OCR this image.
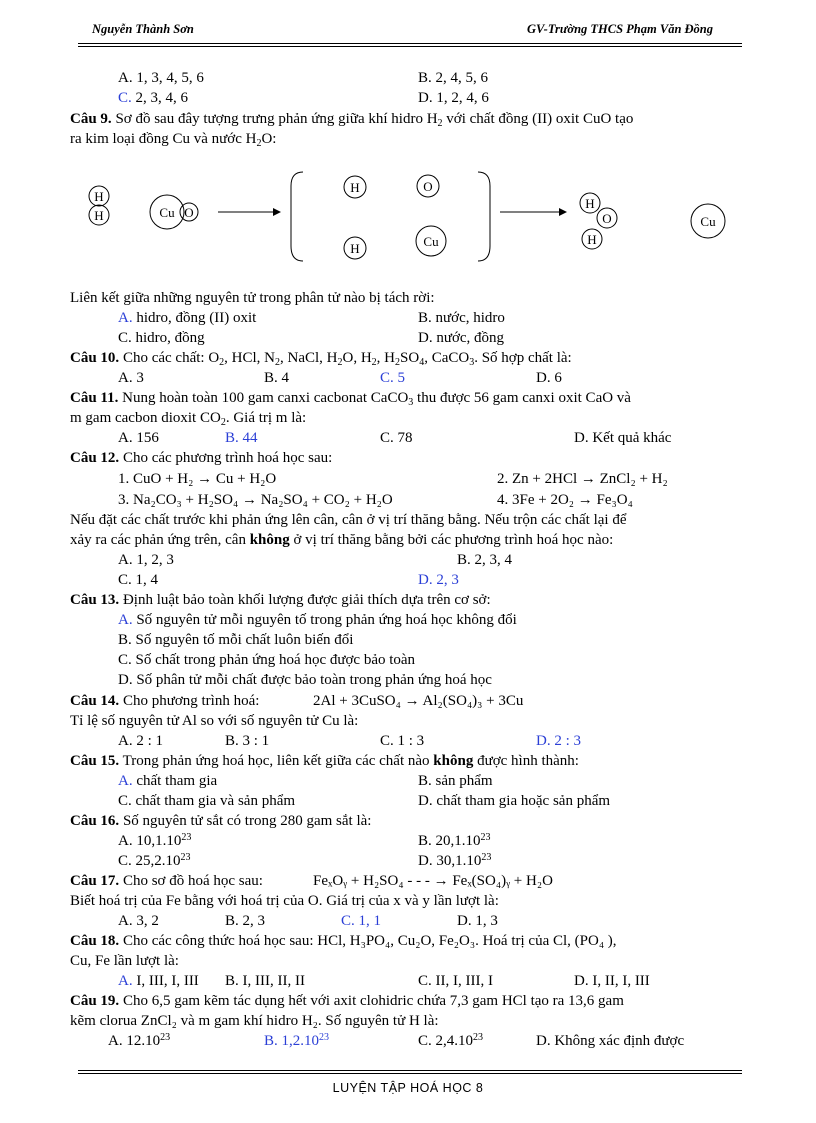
Nguyễn Thành Sơn	GV-Trường THCS Phạm Văn Đồng
A. 1, 3, 4, 5, 6	B. 2, 4, 5, 6
C. 2, 3, 4, 6	D. 1, 2, 4, 6
Câu 9. Sơ đồ sau đây tượng trưng phản ứng giữa khí hidro $H_2$ với chất đồng (II) oxit CuO tạo
ra kim loại đồng Cu và nước $H_2O$:
H
H	Cu O
H	O
H	Cu
H
O
H
Cu
Liên kết giữa những nguyên tử trong phân tử nào bị tách rời:
A. hidro, đồng (II) oxit	B. nước, hidro
C. hidro, đồng	D. nước, đồng
Câu 10. Cho các chất: $O_2$, HCl, $N_2$, NaCl, $H_2O$, $H_2$, $H_2SO_4$, CaCO$_3$. Số hợp chất là:
A. 3	B. 4	C. 5	D. 6
Câu 11. Nung hoàn toàn 100 gam canxi cacbonat CaCO$_3$ thu được 56 gam canxi oxit CaO và
m gam cacbon dioxit $CO_2$. Giá trị m là:
A. 156	B. 44	C. 78	D. Kết quả khác
Câu 12. Cho các phương trình hoá học sau:
1. CuO + H₂ → Cu + H₂O	2. Zn + 2HCl → ZnCl₂ + H₂
3. Na₂CO₃ + H₂SO₄ → Na₂SO₄ + CO₂ + H₂O	4. 3Fe + 2O₂ → Fe₃O₄
Nếu đặt các chất trước khi phản ứng lên cân, cân ở vị trí thăng bằng. Nếu trộn các chất lại để
xảy ra các phản ứng trên, cân không ở vị trí thăng bằng bởi các phương trình hoá học nào:
A. 1, 2, 3	B. 2, 3, 4
C. 1, 4	D. 2, 3
Câu 13. Định luật bảo toàn khối lượng được giải thích dựa trên cơ sở:
A. Số nguyên tử mỗi nguyên tố trong phản ứng hoá học không đổi
B. Số nguyên tố mỗi chất luôn biến đổi
C. Số chất trong phản ứng hoá học được bảo toàn
D. Số phân tử mỗi chất được bảo toàn trong phản ứng hoá học
Câu 14. Cho phương trình hoá:	2Al + 3CuSO₄ → Al₂(SO₄)₃ + 3Cu
Tỉ lệ số nguyên tử Al so với số nguyên tử Cu là:
A. 2 : 1	B. 3 : 1	C. 1 : 3	D. 2 : 3
Câu 15. Trong phản ứng hoá học, liên kết giữa các chất nào không được hình thành:
A. chất tham gia	B. sản phẩm
C. chất tham gia và sản phẩm	D. chất tham gia hoặc sản phẩm
Câu 16. Số nguyên tử sắt có trong 280 gam sắt là:
A. 10,1.10$^{23}$	B. 20,1.10$^{23}$
C. 25,2.10$^{23}$	D. 30,1.10$^{23}$
Câu 17. Cho sơ đồ hoá học sau:	FeₓOᵧ + H₂SO₄ - - - → Feₓ(SO₄)ᵧ + H₂O
Biết hoá trị của Fe bằng với hoá trị của O. Giá trị của x và y lần lượt là:
A. 3, 2	B. 2, 3	C. 1, 1	D. 1, 3
Câu 18. Cho các công thức hoá học sau: HCl, H₃PO₄, Cu₂O, Fe₂O₃. Hoá trị của Cl, (PO₄ ),
Cu, Fe lần lượt là:
A. I, III, I, III B. I, III, II, II	C. II, I, III, I	D. I, II, I, III
Câu 19. Cho 6,5 gam kẽm tác dụng hết với axit clohidric chứa 7,3 gam HCl tạo ra 13,6 gam
kẽm clorua ZnCl₂ và m gam khí hidro H₂. Số nguyên tử H là:
A. 12.10$^{23}$	B. 1,2.10$^{23}$	C. 2,4.10$^{23}$	D. Không xác định được
LUYỆN TẬP HOÁ HỌC 8
